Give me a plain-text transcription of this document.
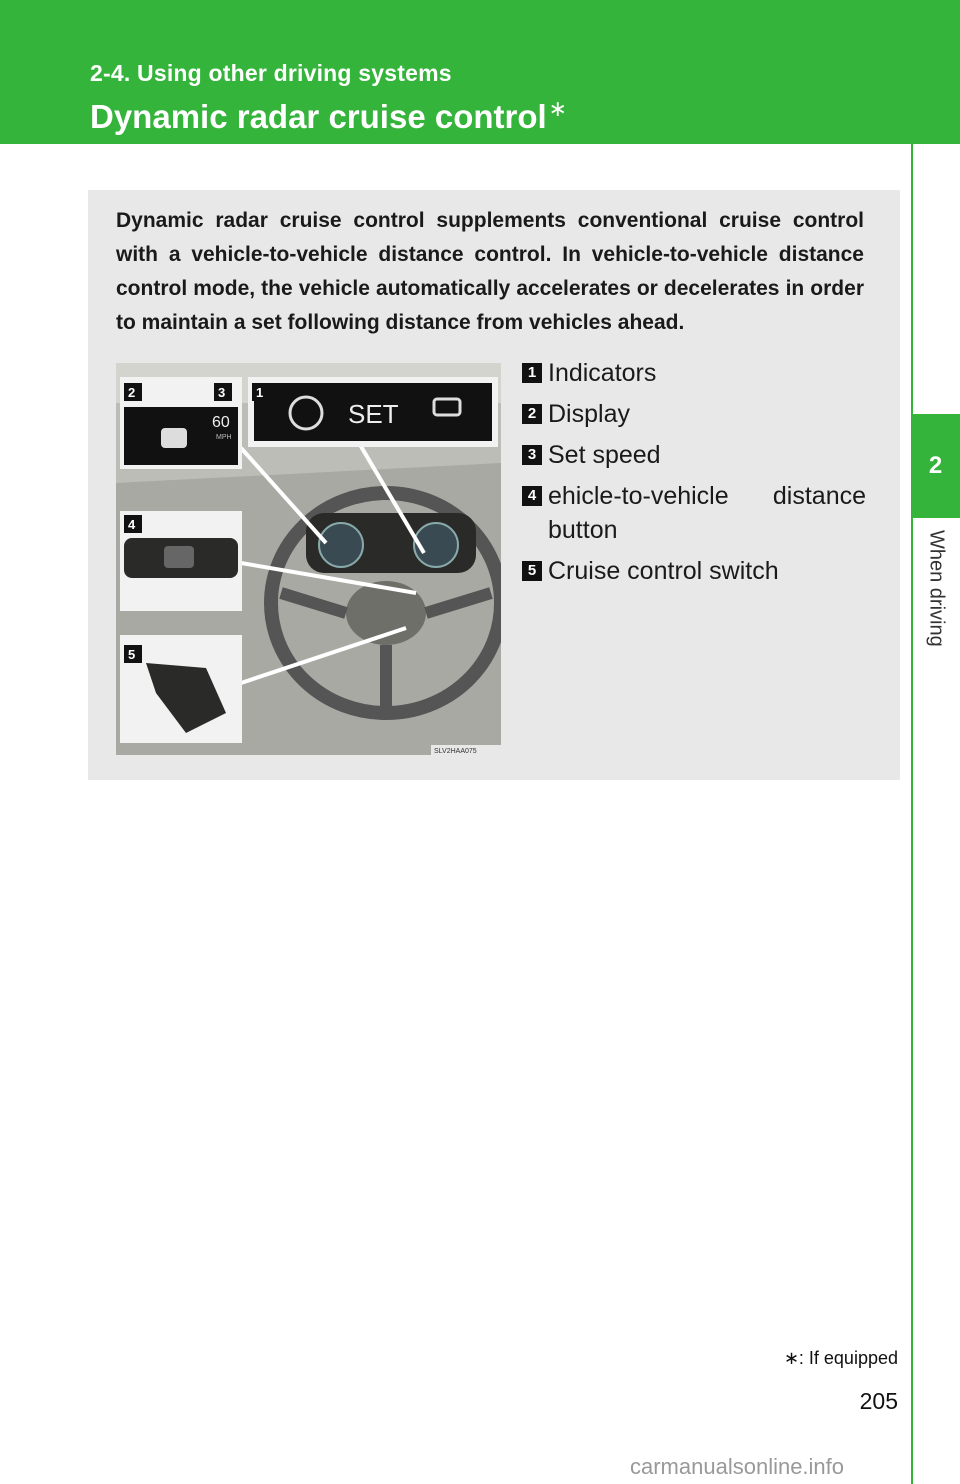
2-4. Using other driving systems
Dynamic radar cruise control∗
2
When driving
Dynamic radar cruise control supplements conventional cruise control with a vehicle-to-vehicle distance control. In vehicle-to-vehicle distance control mode, the vehicle automatically accelerates or decelerates in order to maintain a set following distance from vehicles ahead.
SET
60
MPH
2	3 1
4
5
SLV2HAA075
1 Indicators
2 Display
3 Set speed
4 ehicle-to-vehicle distance button
5 Cruise control switch
∗: If equipped
205
carmanualsonline.info
